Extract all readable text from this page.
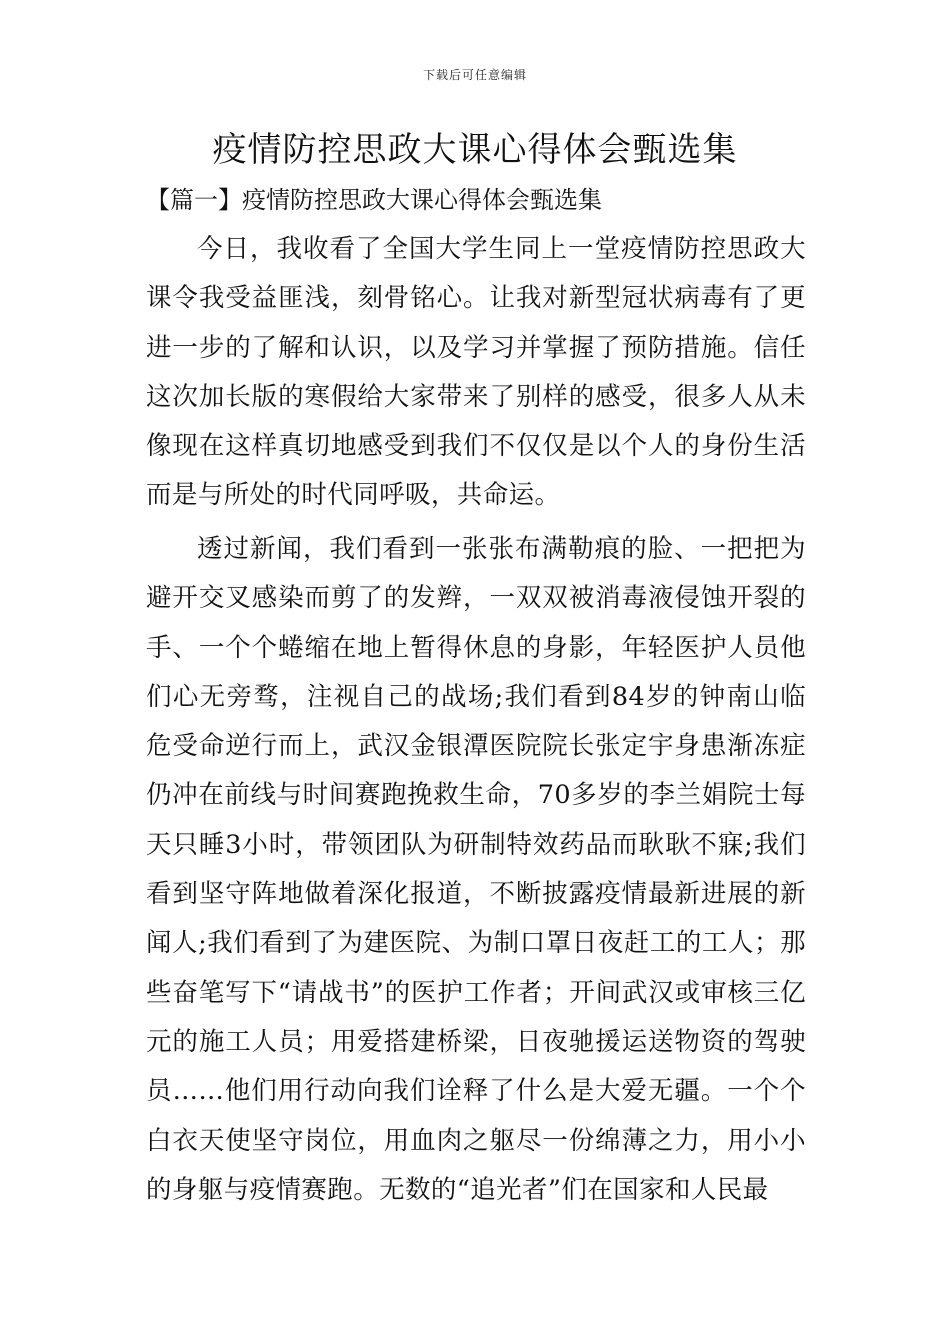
下载后可任意编辑
疫情防控思政大课心得体会甄选集
【篇一】疫情防控思政大课心得体会甄选集

今日，我收看了全国大学生同上一堂疫情防控思政大课令我受益匪浅，刻骨铭心。让我对新型冠状病毒有了更进一步的了解和认识，以及学习并掌握了预防措施。信任这次加长版的寒假给大家带来了别样的感受，很多人从未像现在这样真切地感受到我们不仅仅是以个人的身份生活而是与所处的时代同呼吸，共命运。

透过新闻，我们看到一张张布满勒痕的脸、一把把为避开交叉感染而剪了的发辫，一双双被消毒液侵蚀开裂的手、一个个蜷缩在地上暂得休息的身影，年轻医护人员他们心无旁骛，注视自己的战场;我们看到84岁的钟南山临危受命逆行而上，武汉金银潭医院院长张定宇身患渐冻症仍冲在前线与时间赛跑挽救生命，70多岁的李兰娟院士每天只睡3小时，带领团队为研制特效药品而耿耿不寐;我们看到坚守阵地做着深化报道，不断披露疫情最新进展的新闻人;我们看到了为建医院、为制口罩日夜赶工的工人；那些奋笔写下“请战书”的医护工作者；开间武汉或审核三亿元的施工人员；用爱搭建桥梁，日夜驰援运送物资的驾驶员……他们用行动向我们诠释了什么是大爱无疆。一个个白衣天使坚守岗位，用血肉之躯尽一份绵薄之力，用小小的身躯与疫情赛跑。无数的“追光者”们在国家和人民最
